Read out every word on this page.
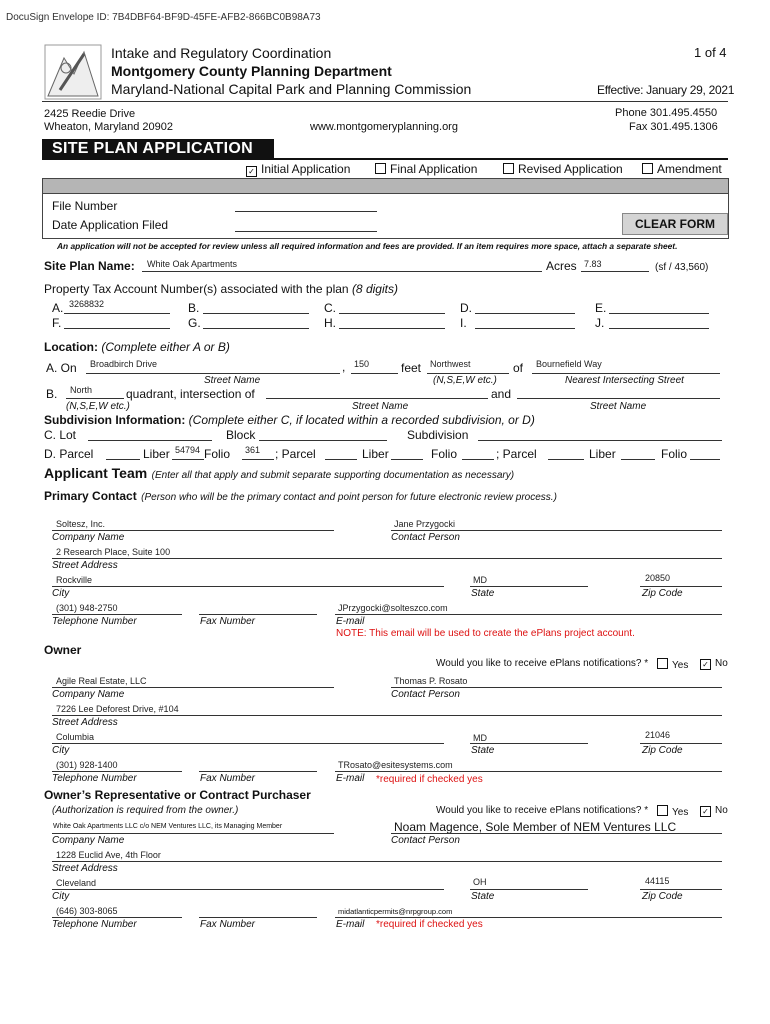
DocuSign Envelope ID: 7B4DBF64-BF9D-45FE-AFB2-866BC0B98A73
Intake and Regulatory Coordination
Montgomery County Planning Department
Maryland-National Capital Park and Planning Commission
1 of 4
Effective: January 29, 2021
2425 Reedie Drive
Wheaton, Maryland 20902	www.montgomeryplanning.org
Phone 301.495.4550
Fax 301.495.1306
SITE PLAN APPLICATION
✓ Initial Application	Final Application	Revised Application	Amendment
File Number
Date Application Filed	CLEAR FORM
An application will not be accepted for review unless all required information and fees are provided. If an item requires more space, attach a separate sheet.
Site Plan Name: White Oak Apartments	Acres 7.83	(sf / 43,560)
Property Tax Account Number(s) associated with the plan (8 digits)
A. 3268832	B.	C.	D.	E.
F.	G.	H.	I.	J.
Location: (Complete either A or B)
A. On Broadbirch Drive	, 150	feet Northwest	of Bournefield Way
Street Name	(N,S,E,W etc.)	Nearest Intersecting Street
B. North	quadrant, intersection of	and
(N,S,E,W etc.)	Street Name	Street Name
Subdivision Information: (Complete either C, if located within a recorded subdivision, or D)
C. Lot	Block	Subdivision
D. Parcel	Liber 54794 Folio 361 ; Parcel	Liber	Folio	; Parcel	Liber	Folio
Applicant Team (Enter all that apply and submit separate supporting documentation as necessary)
Primary Contact (Person who will be the primary contact and point person for future electronic review process.)
Soltesz, Inc.
Company Name
Jane Przygocki
Contact Person
2 Research Place, Suite 100
Street Address
Rockville
City
MD
State
20850
Zip Code
(301) 948-2750
Telephone Number	Fax Number
JPrzygocki@solteszco.com
E-mail
NOTE: This email will be used to create the ePlans project account.
Owner
Would you like to receive ePlans notifications? *	Yes ✓ No
Agile Real Estate, LLC
Company Name
Thomas P. Rosato
Contact Person
7226 Lee Deforest Drive, #104
Street Address
Columbia
City
MD
State
21046
Zip Code
(301) 928-1400
Telephone Number	Fax Number
TRosato@esitesystems.com
E-mail *required if checked yes
Owner’s Representative or Contract Purchaser
(Authorization is required from the owner.)	Would you like to receive ePlans notifications? *	Yes ✓ No
White Oak Apartments LLC c/o NEM Ventures LLC, its Managing Member
Company Name
Noam Magence, Sole Member of NEM Ventures LLC
Contact Person
1228 Euclid Ave, 4th Floor
Street Address
Cleveland
City
OH
State
44115
Zip Code
(646) 303-8065
Telephone Number	Fax Number
midatlanticpermits@nrpgroup.com
E-mail *required if checked yes
